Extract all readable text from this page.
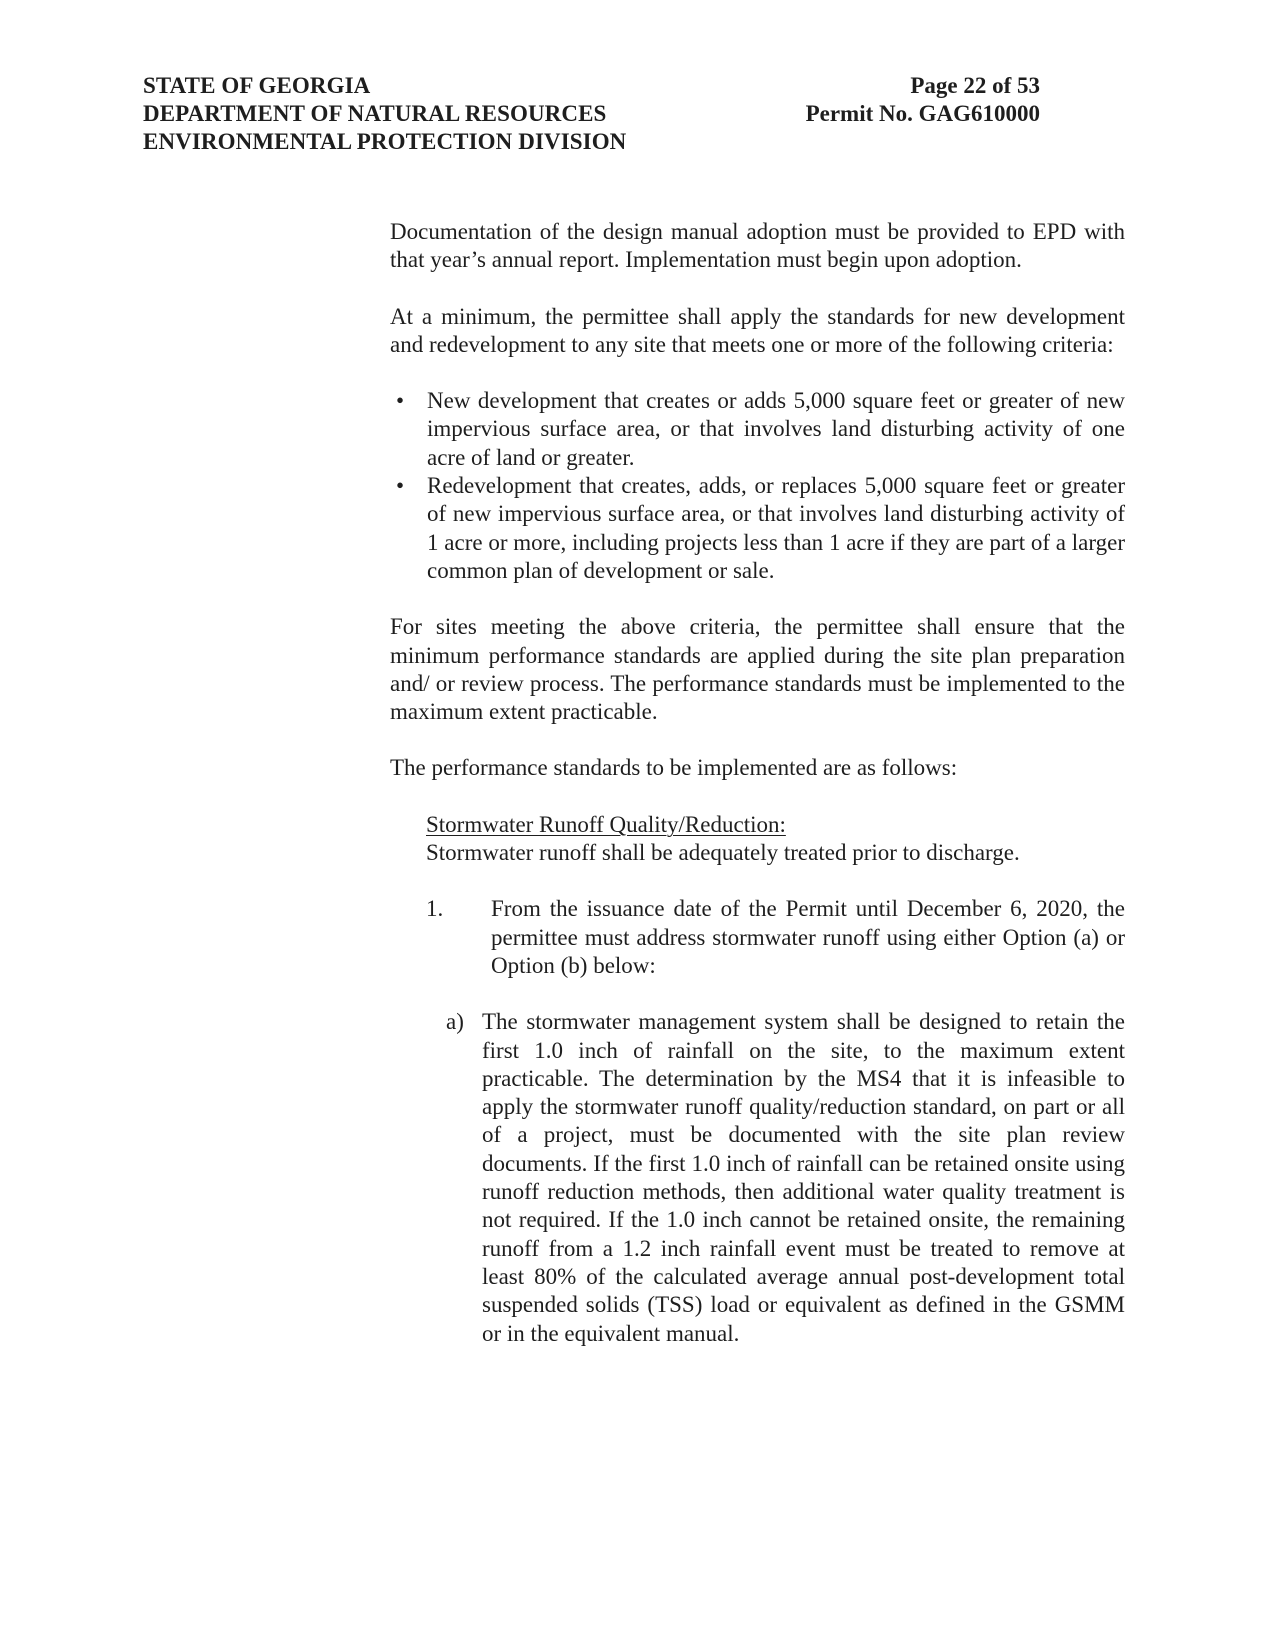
STATE OF GEORGIA
DEPARTMENT OF NATURAL RESOURCES
ENVIRONMENTAL PROTECTION DIVISION
Page 22 of 53
Permit No. GAG610000

Documentation of the design manual adoption must be provided to EPD with that year’s annual report. Implementation must begin upon adoption.

At a minimum, the permittee shall apply the standards for new development and redevelopment to any site that meets one or more of the following criteria:

• New development that creates or adds 5,000 square feet or greater of new impervious surface area, or that involves land disturbing activity of one acre of land or greater.
• Redevelopment that creates, adds, or replaces 5,000 square feet or greater of new impervious surface area, or that involves land disturbing activity of 1 acre or more, including projects less than 1 acre if they are part of a larger common plan of development or sale.

For sites meeting the above criteria, the permittee shall ensure that the minimum performance standards are applied during the site plan preparation and/ or review process. The performance standards must be implemented to the maximum extent practicable.

The performance standards to be implemented are as follows:

Stormwater Runoff Quality/Reduction:

Stormwater runoff shall be adequately treated prior to discharge.

1. From the issuance date of the Permit until December 6, 2020, the permittee must address stormwater runoff using either Option (a) or Option (b) below:

a) The stormwater management system shall be designed to retain the first 1.0 inch of rainfall on the site, to the maximum extent practicable. The determination by the MS4 that it is infeasible to apply the stormwater runoff quality/reduction standard, on part or all of a project, must be documented with the site plan review documents. If the first 1.0 inch of rainfall can be retained onsite using runoff reduction methods, then additional water quality treatment is not required. If the 1.0 inch cannot be retained onsite, the remaining runoff from a 1.2 inch rainfall event must be treated to remove at least 80% of the calculated average annual post-development total suspended solids (TSS) load or equivalent as defined in the GSMM or in the equivalent manual.
